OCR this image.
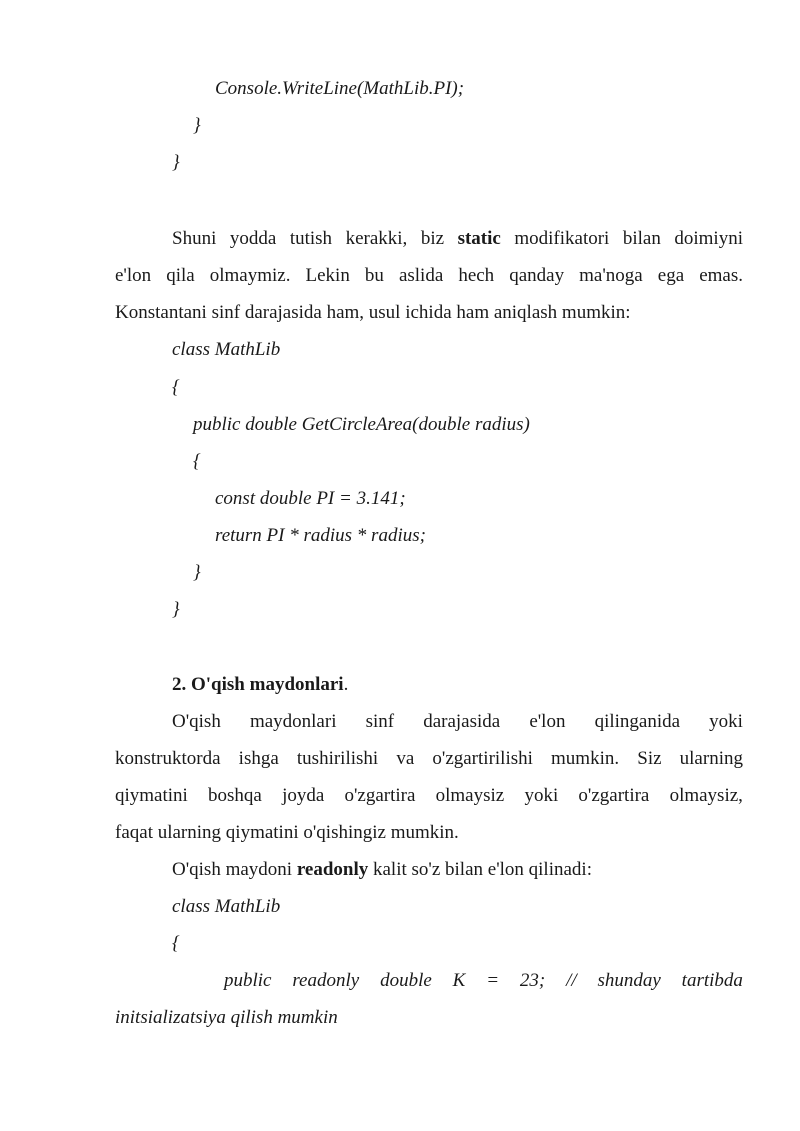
Console.WriteLine(MathLib.PI);
}
}
Shuni yodda tutish kerakki, biz static modifikatori bilan doimiyni
e'lon qila olmaymiz. Lekin bu aslida hech qanday ma'noga ega emas.
Konstantani sinf darajasida ham, usul ichida ham aniqlash mumkin:
class MathLib
{
public double GetCircleArea(double radius)
{
const double PI = 3.141;
return PI * radius * radius;
}
}
2. O'qish maydonlari.
O'qish maydonlari sinf darajasida e'lon qilinganida yoki
konstruktorda ishga tushirilishi va o'zgartirilishi mumkin. Siz ularning
qiymatini boshqa joyda o'zgartira olmaysiz yoki o'zgartira olmaysiz,
faqat ularning qiymatini o'qishingiz mumkin.
O'qish maydoni readonly kalit so'z bilan e'lon qilinadi:
class MathLib
{
public readonly double K = 23; // shunday tartibda
initsializatsiya qilish mumkin
